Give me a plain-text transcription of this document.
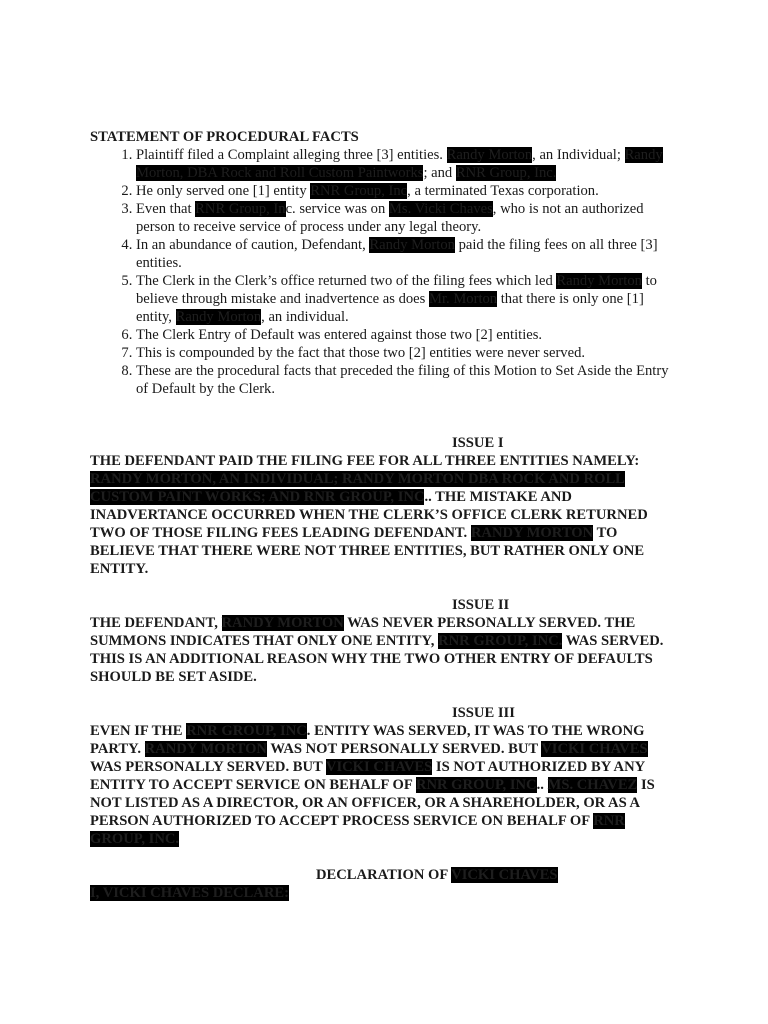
STATEMENT OF PROCEDURAL FACTS

1. Plaintiff filed a Complaint alleging three [3] entities. Randy Morton, an Individual; Randy Morton, DBA Rock and Roll Custom Paintworks; and RNR Group, Inc.
2. He only served one [1] entity RNR Group, Inc, a terminated Texas corporation.
3. Even that RNR Group, Inc. service was on Ms. Vicki Chaves, who is not an authorized person to receive service of process under any legal theory.
4. In an abundance of caution, Defendant, Randy Morton paid the filing fees on all three [3] entities.
5. The Clerk in the Clerk’s office returned two of the filing fees which led Randy Morton to believe through mistake and inadvertence as does Mr. Morton that there is only one [1] entity, Randy Morton, an individual.
6. The Clerk Entry of Default was entered against those two [2] entities.
7. This is compounded by the fact that those two [2] entities were never served.
8. These are the procedural facts that preceded the filing of this Motion to Set Aside the Entry of Default by the Clerk.

ISSUE I

THE DEFENDANT PAID THE FILING FEE FOR ALL THREE ENTITIES NAMELY: RANDY MORTON, AN INDIVIDUAL; RANDY MORTON DBA ROCK AND ROLL CUSTOM PAINT WORKS; AND RNR GROUP, INC.. THE MISTAKE AND INADVERTANCE OCCURRED WHEN THE CLERK’S OFFICE CLERK RETURNED TWO OF THOSE FILING FEES LEADING DEFENDANT. RANDY MORTON TO BELIEVE THAT THERE WERE NOT THREE ENTITIES, BUT RATHER ONLY ONE ENTITY.

ISSUE II

THE DEFENDANT, RANDY MORTON WAS NEVER PERSONALLY SERVED. THE SUMMONS INDICATES THAT ONLY ONE ENTITY, RNR GROUP, INC. WAS SERVED. THIS IS AN ADDITIONAL REASON WHY THE TWO OTHER ENTRY OF DEFAULTS SHOULD BE SET ASIDE.

ISSUE III

EVEN IF THE RNR GROUP, INC. ENTITY WAS SERVED, IT WAS TO THE WRONG PARTY. RANDY MORTON WAS NOT PERSONALLY SERVED. BUT VICKI CHAVES WAS PERSONALLY SERVED. BUT VICKI CHAVES IS NOT AUTHORIZED BY ANY ENTITY TO ACCEPT SERVICE ON BEHALF OF RNR GROUP, INC.. MS. CHAVEZ IS NOT LISTED AS A DIRECTOR, OR AN OFFICER, OR A SHAREHOLDER, OR AS A PERSON AUTHORIZED TO ACCEPT PROCESS SERVICE ON BEHALF OF RNR GROUP, INC.

DECLARATION OF VICKI CHAVES

I, VICKI CHAVES DECLARE:
